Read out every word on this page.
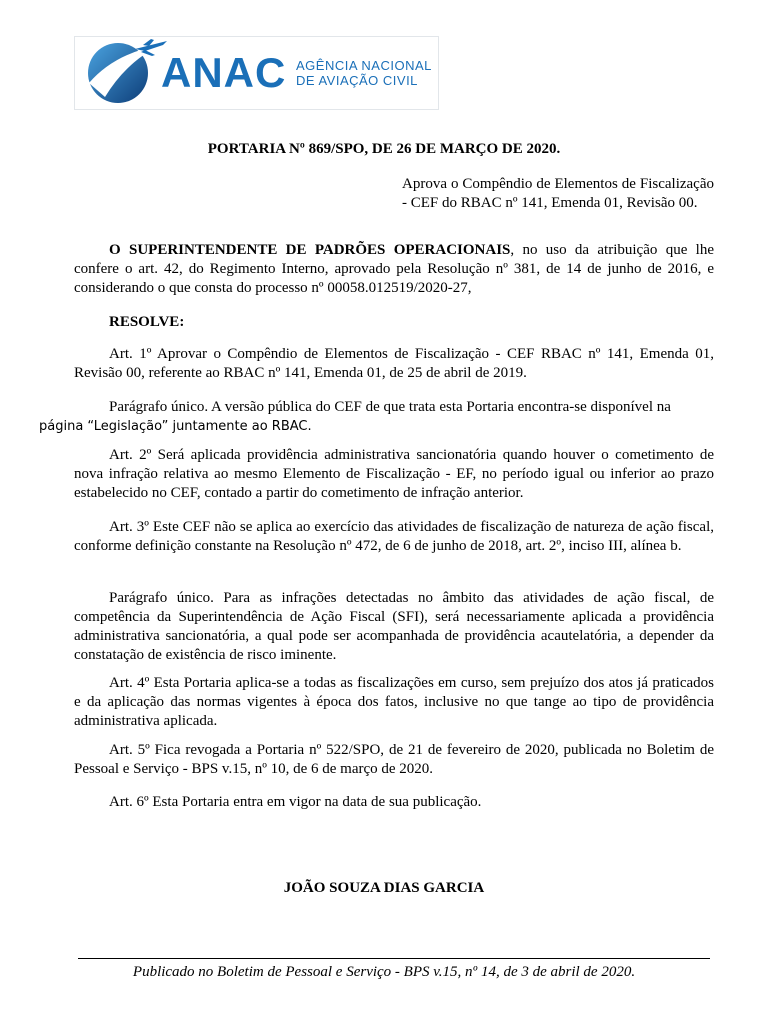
ANAC AGÊNCIA NACIONAL
DE AVIAÇÃO CIVIL
PORTARIA Nº 869/SPO, DE 26 DE MARÇO DE 2020.
Aprova o Compêndio de Elementos de Fiscalização - CEF do RBAC nº 141, Emenda 01, Revisão 00.

O SUPERINTENDENTE DE PADRÕES OPERACIONAIS, no uso da atribuição que lhe confere o art. 42, do Regimento Interno, aprovado pela Resolução nº 381, de 14 de junho de 2016, e considerando o que consta do processo nº 00058.012519/2020-27,

RESOLVE:

Art. 1º Aprovar o Compêndio de Elementos de Fiscalização - CEF RBAC nº 141, Emenda 01, Revisão 00, referente ao RBAC nº 141, Emenda 01, de 25 de abril de 2019.

Parágrafo único. A versão pública do CEF de que trata esta Portaria encontra-se disponível na
página “Legislação” juntamente ao RBAC.

Art. 2º Será aplicada providência administrativa sancionatória quando houver o cometimento de nova infração relativa ao mesmo Elemento de Fiscalização - EF, no período igual ou inferior ao prazo estabelecido no CEF, contado a partir do cometimento de infração anterior.

Art. 3º Este CEF não se aplica ao exercício das atividades de fiscalização de natureza de ação fiscal, conforme definição constante na Resolução nº 472, de 6 de junho de 2018, art. 2º, inciso III, alínea b.

Parágrafo único. Para as infrações detectadas no âmbito das atividades de ação fiscal, de competência da Superintendência de Ação Fiscal (SFI), será necessariamente aplicada a providência administrativa sancionatória, a qual pode ser acompanhada de providência acautelatória, a depender da constatação de existência de risco iminente.

Art. 4º Esta Portaria aplica-se a todas as fiscalizações em curso, sem prejuízo dos atos já praticados e da aplicação das normas vigentes à época dos fatos, inclusive no que tange ao tipo de providência administrativa aplicada.

Art. 5º Fica revogada a Portaria nº 522/SPO, de 21 de fevereiro de 2020, publicada no Boletim de Pessoal e Serviço - BPS v.15, nº 10, de 6 de março de 2020.

Art. 6º Esta Portaria entra em vigor na data de sua publicação.

JOÃO SOUZA DIAS GARCIA
Publicado no Boletim de Pessoal e Serviço - BPS v.15, nº 14, de 3 de abril de 2020.
